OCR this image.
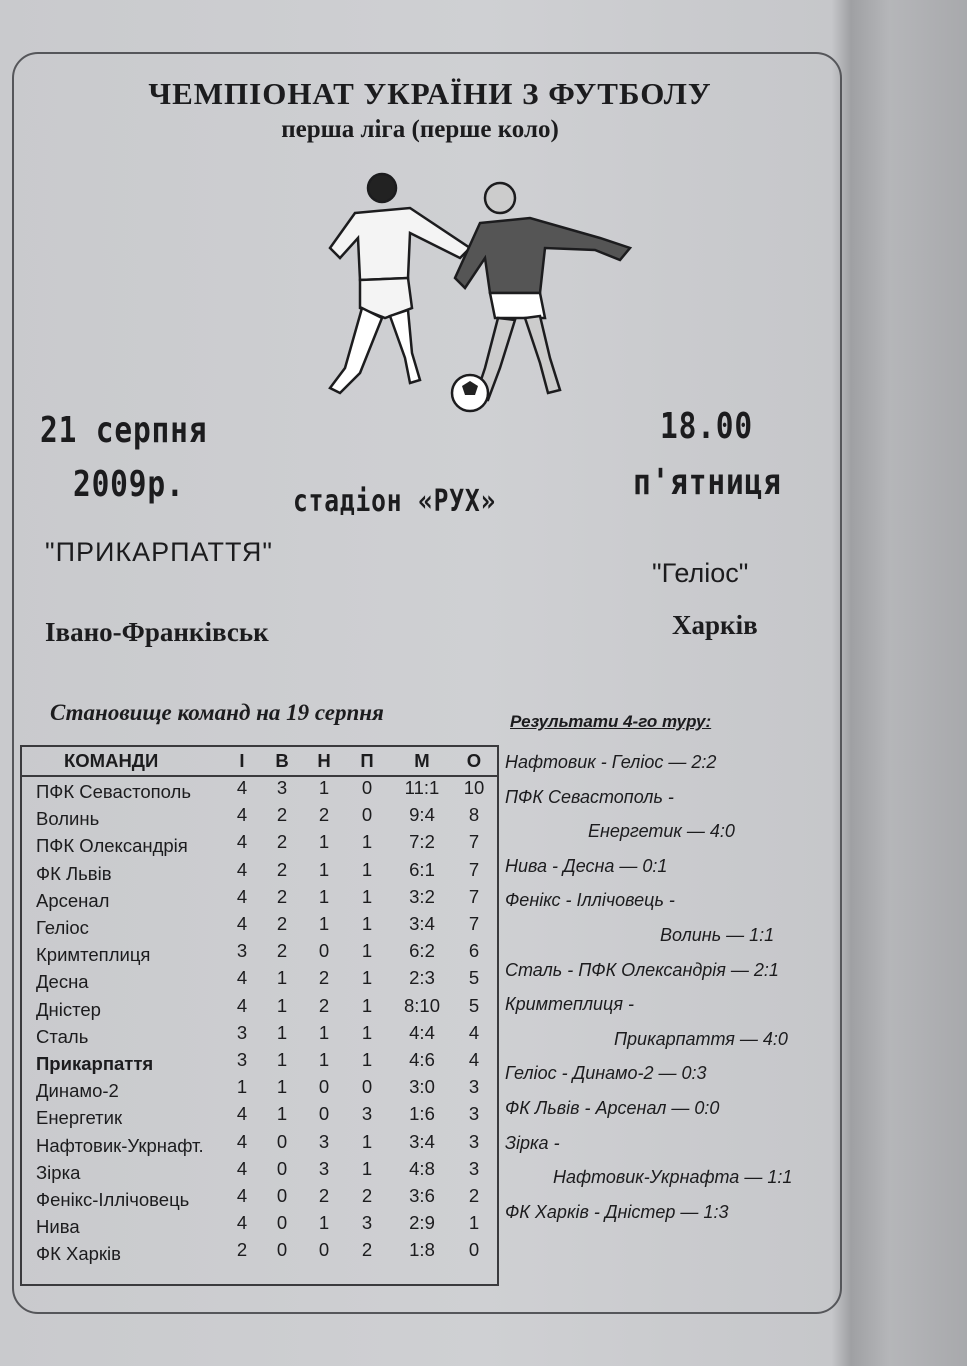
ЧЕМПІОНАТ УКРАЇНИ З ФУТБОЛУ
перша ліга (перше коло)
21 серпня
2009р.
18.00
п'ятниця
стадіон «РУХ»
"ПРИКАРПАТТЯ"
Івано-Франківськ
"Геліос"
Харків
Становище команд на 19 серпня
КОМАНДИ	І	В	Н	П	М	О
ПФК Севастополь	4	3	1	0	11:1	10
Волинь	4	2	2	0	9:4	8
ПФК Олександрія	4	2	1	1	7:2	7
ФК Львів	4	2	1	1	6:1	7
Арсенал	4	2	1	1	3:2	7
Геліос	4	2	1	1	3:4	7
Кримтеплиця	3	2	0	1	6:2	6
Десна	4	1	2	1	2:3	5
Дністер	4	1	2	1	8:10	5
Сталь	3	1	1	1	4:4	4
Прикарпаття	3	1	1	1	4:6	4
Динамо-2	1	1	0	0	3:0	3
Енергетик	4	1	0	3	1:6	3
Нафтовик-Укрнафт.	4	0	3	1	3:4	3
Зірка	4	0	3	1	4:8	3
Фенікс-Іллічовець	4	0	2	2	3:6	2
Нива	4	0	1	3	2:9	1
ФК Харків	2	0	0	2	1:8	0
Результати 4-го туру:
Нафтовик - Геліос — 2:2
ПФК Севастополь -
Енергетик — 4:0
Нива - Десна — 0:1
Фенікс - Іллічовець -
Волинь — 1:1
Сталь - ПФК Олександрія — 2:1
Кримтеплиця -
Прикарпаття — 4:0
Геліос - Динамо-2 — 0:3
ФК Львів - Арсенал — 0:0
Зірка -
Нафтовик-Укрнафта — 1:1
ФК Харків - Дністер — 1:3
